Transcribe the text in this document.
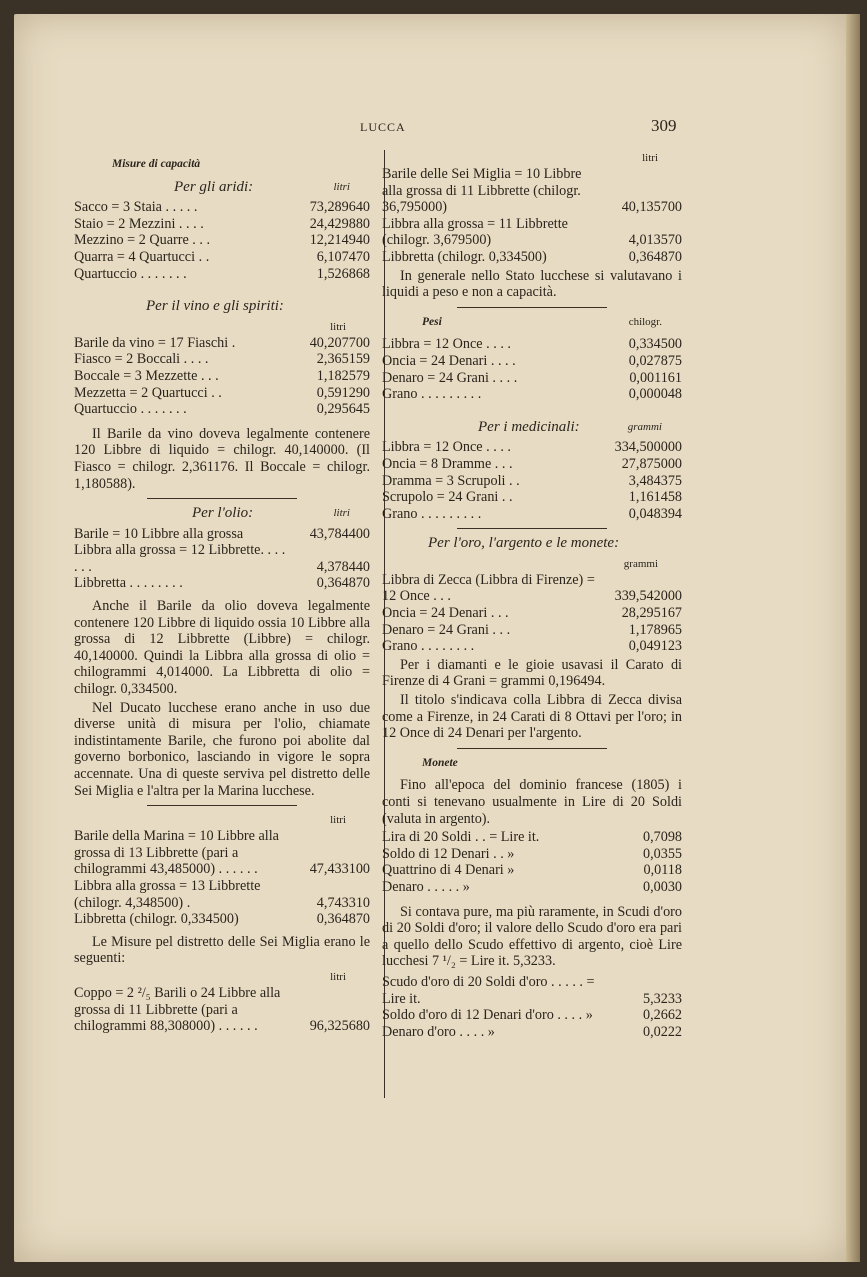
LUCCA	309
Misure di capacità
Per gli aridi:	litri
Sacco = 3 Staia . . . . .	73,289640
Staio = 2 Mezzini . . . .	24,429880
Mezzino = 2 Quarre . . .	12,214940
Quarra = 4 Quartucci . .	6,107470
Quartuccio . . . . . . .	1,526868
Per il vino e gli spiriti:
litri
Barile da vino = 17 Fiaschi .	40,207700
Fiasco = 2 Boccali . . . .	2,365159
Boccale = 3 Mezzette . . .	1,182579
Mezzetta = 2 Quartucci . .	0,591290
Quartuccio . . . . . . .	0,295645
Il Barile da vino doveva legalmente contenere 120 Libbre di liquido = chilogr. 40,140000. (Il Fiasco = chilogr. 2,361176. Il Boccale = chilogr. 1,180588).
Per l'olio:	litri
Barile = 10 Libbre alla grossa	43,784400
Libbra alla grossa = 12 Libbrette. . . . . . .	4,378440
Libbretta . . . . . . . .	0,364870
Anche il Barile da olio doveva legalmente contenere 120 Libbre di liquido ossia 10 Libbre alla grossa di 12 Libbrette (Libbre) = chilogr. 40,140000. Quindi la Libbra alla grossa di olio = chilogrammi 4,014000. La Libbretta di olio = chilogr. 0,334500.
Nel Ducato lucchese erano anche in uso due diverse unità di misura per l'olio, chiamate indistintamente Barile, che furono poi abolite dal governo borbonico, lasciando in vigore le sopra accennate. Una di queste serviva pel distretto delle Sei Miglia e l'altra per la Marina lucchese.
litri
Barile della Marina = 10 Libbre alla grossa di 13 Libbrette (pari a chilogrammi 43,485000) . . . . . .	47,433100
Libbra alla grossa = 13 Libbrette (chilogr. 4,348500) .	4,743310
Libbretta (chilogr. 0,334500)	0,364870
Le Misure pel distretto delle Sei Miglia erano le seguenti:
litri
Coppo = 2 ²/₅ Barili o 24 Libbre alla grossa di 11 Libbrette (pari a chilogrammi 88,308000) . . . . . .	96,325680
litri
Barile delle Sei Miglia = 10 Libbre alla grossa di 11 Libbrette (chilogr. 36,795000)	40,135700
Libbra alla grossa = 11 Libbrette (chilogr. 3,679500)	4,013570
Libbretta (chilogr. 0,334500)	0,364870
In generale nello Stato lucchese si valutavano i liquidi a peso e non a capacità.
Pesi	chilogr.
Libbra = 12 Once . . . .	0,334500
Oncia = 24 Denari . . . .	0,027875
Denaro = 24 Grani . . . .	0,001161
Grano . . . . . . . . .	0,000048
Per i medicinali:	grammi
Libbra = 12 Once . . . .	334,500000
Oncia = 8 Dramme . . .	27,875000
Dramma = 3 Scrupoli . .	3,484375
Scrupolo = 24 Grani . .	1,161458
Grano . . . . . . . . .	0,048394
Per l'oro, l'argento e le monete:
grammi
Libbra di Zecca (Libbra di Firenze) = 12 Once . . .	339,542000
Oncia = 24 Denari . . .	28,295167
Denaro = 24 Grani . . .	1,178965
Grano . . . . . . . .	0,049123
Per i diamanti e le gioie usavasi il Carato di Firenze di 4 Grani = grammi 0,196494.
Il titolo s'indicava colla Libbra di Zecca divisa come a Firenze, in 24 Carati di 8 Ottavi per l'oro; in 12 Once di 24 Denari per l'argento.
Monete
Fino all'epoca del dominio francese (1805) i conti si tenevano usualmente in Lire di 20 Soldi (valuta in argento).
Lira di 20 Soldi . . = Lire it.	0,7098
Soldo di 12 Denari . . »	0,0355
Quattrino di 4 Denari »	0,0118
Denaro . . . . . »	0,0030
Si contava pure, ma più raramente, in Scudi d'oro di 20 Soldi d'oro; il valore dello Scudo d'oro era pari a quello dello Scudo effettivo di argento, cioè Lire lucchesi 7 ¹/₂ = Lire it. 5,3233.
Scudo d'oro di 20 Soldi d'oro . . . . . = Lire it.	5,3233
Soldo d'oro di 12 Denari d'oro . . . . »	0,2662
Denaro d'oro . . . . »	0,0222
